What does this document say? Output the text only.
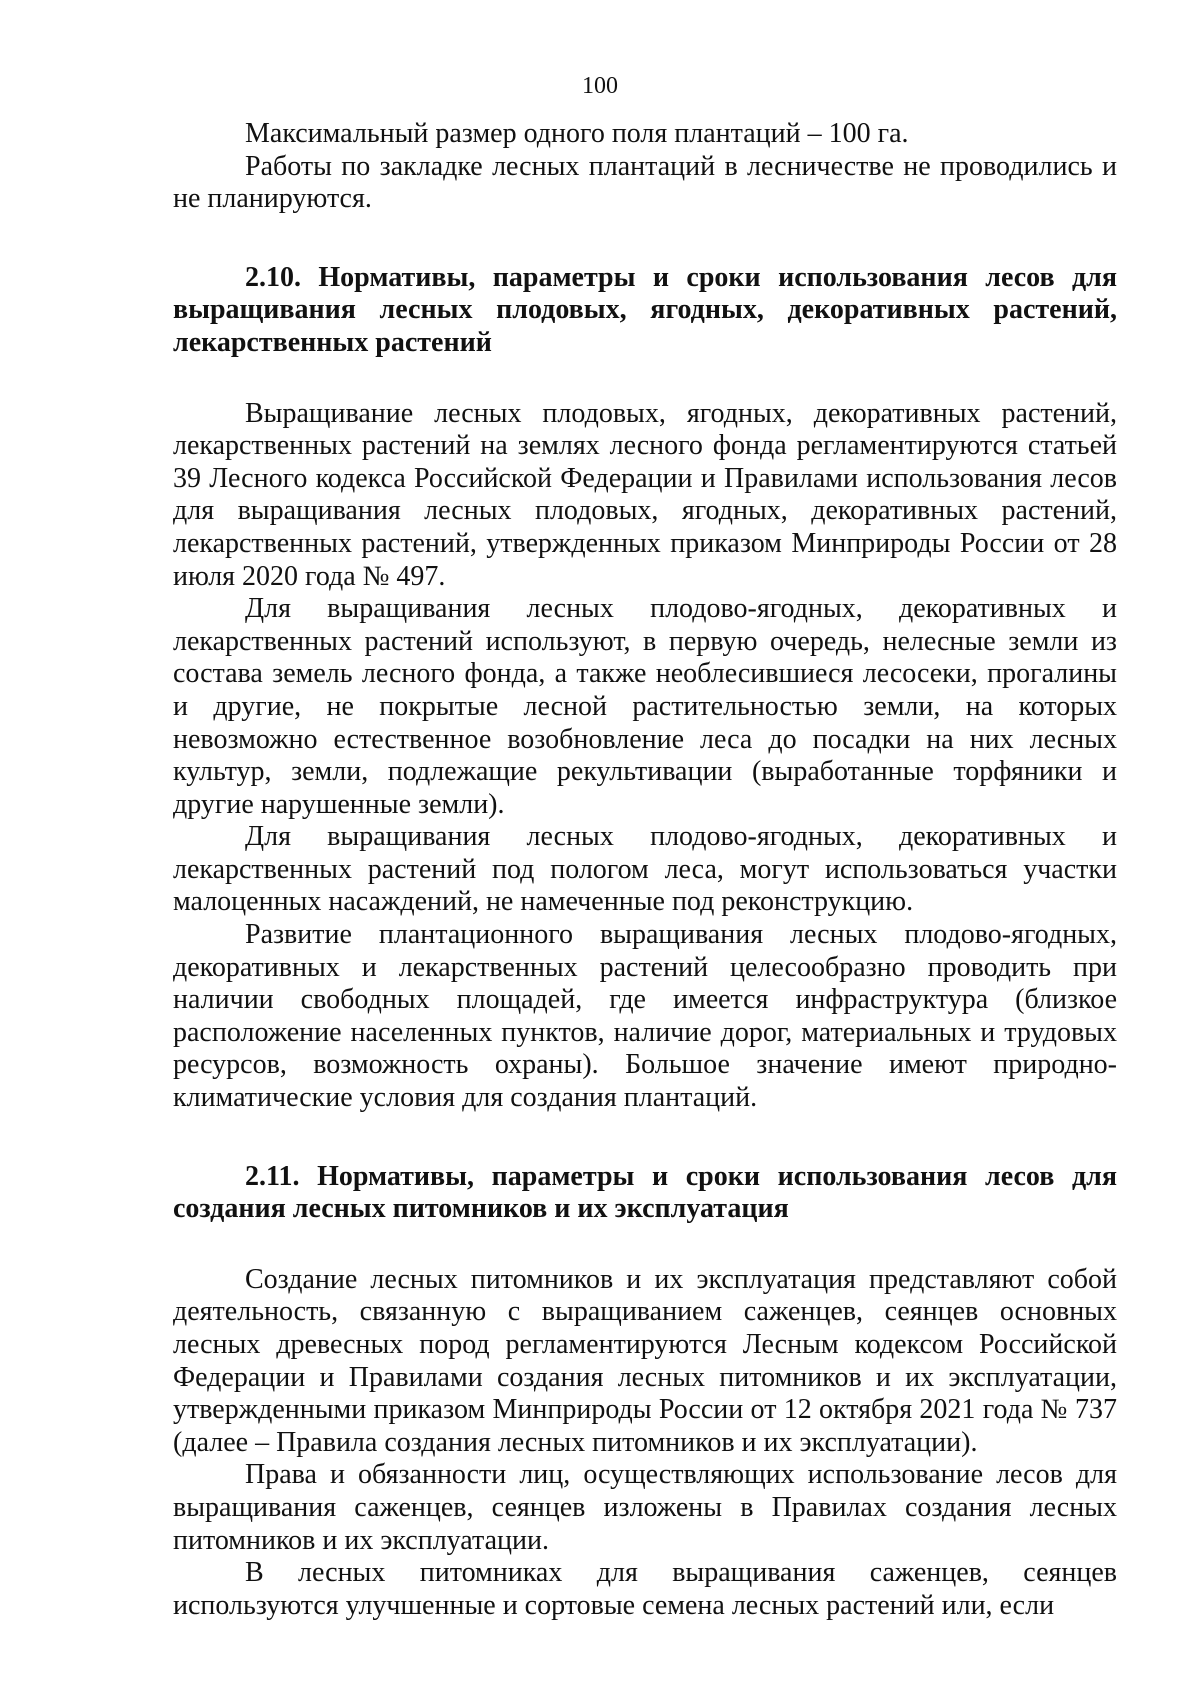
100

Максимальный размер одного поля плантаций – 100 га.

Работы по закладке лесных плантаций в лесничестве не проводились и не планируются.

2.10. Нормативы, параметры и сроки использования лесов для выращивания лесных плодовых, ягодных, декоративных растений, лекарственных растений

Выращивание лесных плодовых, ягодных, декоративных растений, лекарственных растений на землях лесного фонда регламентируются статьей 39 Лесного кодекса Российской Федерации и Правилами использования лесов для выращивания лесных плодовых, ягодных, декоративных растений, лекарственных растений, утвержденных приказом Минприроды России от 28 июля 2020 года № 497.

Для выращивания лесных плодово-ягодных, декоративных и лекарственных растений используют, в первую очередь, нелесные земли из состава земель лесного фонда, а также необлесившиеся лесосеки, прогалины и другие, не покрытые лесной растительностью земли, на которых невозможно естественное возобновление леса до посадки на них лесных культур, земли, подлежащие рекультивации (выработанные торфяники и другие нарушенные земли).

Для выращивания лесных плодово-ягодных, декоративных и лекарственных растений под пологом леса, могут использоваться участки малоценных насаждений, не намеченные под реконструкцию.

Развитие плантационного выращивания лесных плодово-ягодных, декоративных и лекарственных растений целесообразно проводить при наличии свободных площадей, где имеется инфраструктура (близкое расположение населенных пунктов, наличие дорог, материальных и трудовых ресурсов, возможность охраны). Большое значение имеют природно-климатические условия для создания плантаций.

2.11. Нормативы, параметры и сроки использования лесов для создания лесных питомников и их эксплуатация

Создание лесных питомников и их эксплуатация представляют собой деятельность, связанную с выращиванием саженцев, сеянцев основных лесных древесных пород регламентируются Лесным кодексом Российской Федерации и Правилами создания лесных питомников и их эксплуатации, утвержденными приказом Минприроды России от 12 октября 2021 года № 737 (далее – Правила создания лесных питомников и их эксплуатации).

Права и обязанности лиц, осуществляющих использование лесов для выращивания саженцев, сеянцев изложены в Правилах создания лесных питомников и их эксплуатации.

В лесных питомниках для выращивания саженцев, сеянцев используются улучшенные и сортовые семена лесных растений или, если
